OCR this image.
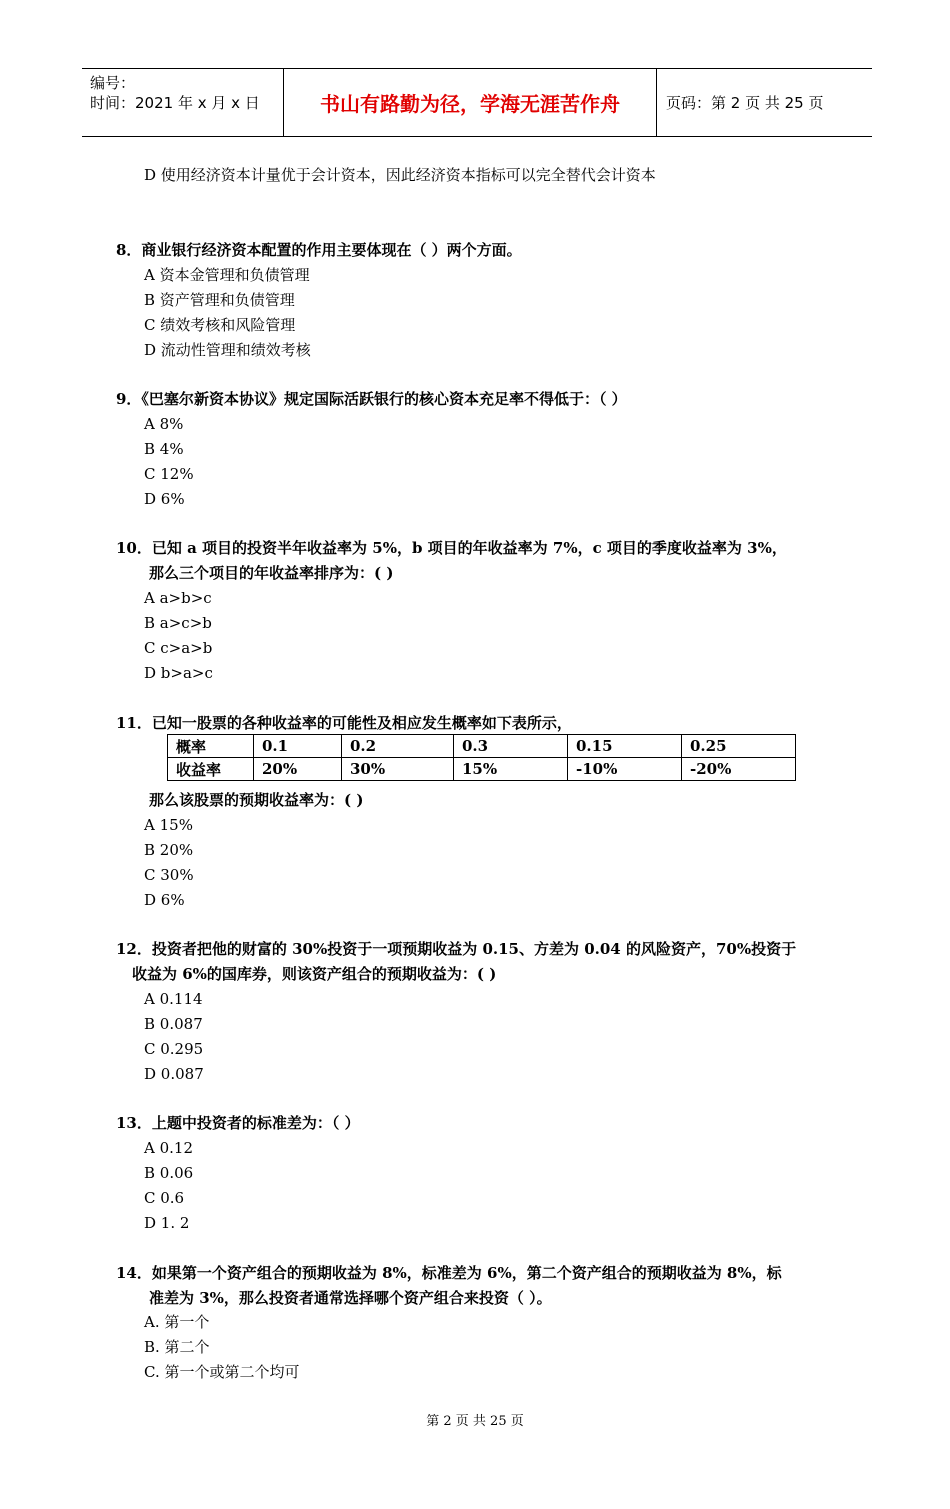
编号：
时间：2021 年 x 月 x 日	书山有路勤为径，学海无涯苦作舟	页码：第 2 页 共 25 页
D 使用经济资本计量优于会计资本，因此经济资本指标可以完全替代会计资本
8．商业银行经济资本配置的作用主要体现在（ ）两个方面。
A 资本金管理和负债管理
B 资产管理和负债管理
C 绩效考核和风险管理
D 流动性管理和绩效考核
9．《巴塞尔新资本协议》规定国际活跃银行的核心资本充足率不得低于：（ ）
A 8%
B 4%
C 12%
D 6%
10．已知 a 项目的投资半年收益率为 5%，b 项目的年收益率为 7%，c 项目的季度收益率为 3%，
那么三个项目的年收益率排序为：( )
A a>b>c
B a>c>b
C c>a>b
D b>a>c
11．已知一股票的各种收益率的可能性及相应发生概率如下表所示，
概率	0.1	0.2	0.3	0.15	0.25
收益率	20%	30%	15%	-10%	-20%
那么该股票的预期收益率为：( )
A 15%
B 20%
C 30%
D 6%
12．投资者把他的财富的 30%投资于一项预期收益为 0.15、方差为 0.04 的风险资产，70%投资于
收益为 6%的国库券，则该资产组合的预期收益为：( )
A 0.114
B 0.087
C 0.295
D 0.087
13．上题中投资者的标准差为：（ ）
A 0.12
B 0.06
C 0.6
D 1. 2
14．如果第一个资产组合的预期收益为 8%，标准差为 6%，第二个资产组合的预期收益为 8%，标
准差为 3%，那么投资者通常选择哪个资产组合来投资（ ）。
A. 第一个
B. 第二个
C. 第一个或第二个均可
第 2 页 共 25 页
